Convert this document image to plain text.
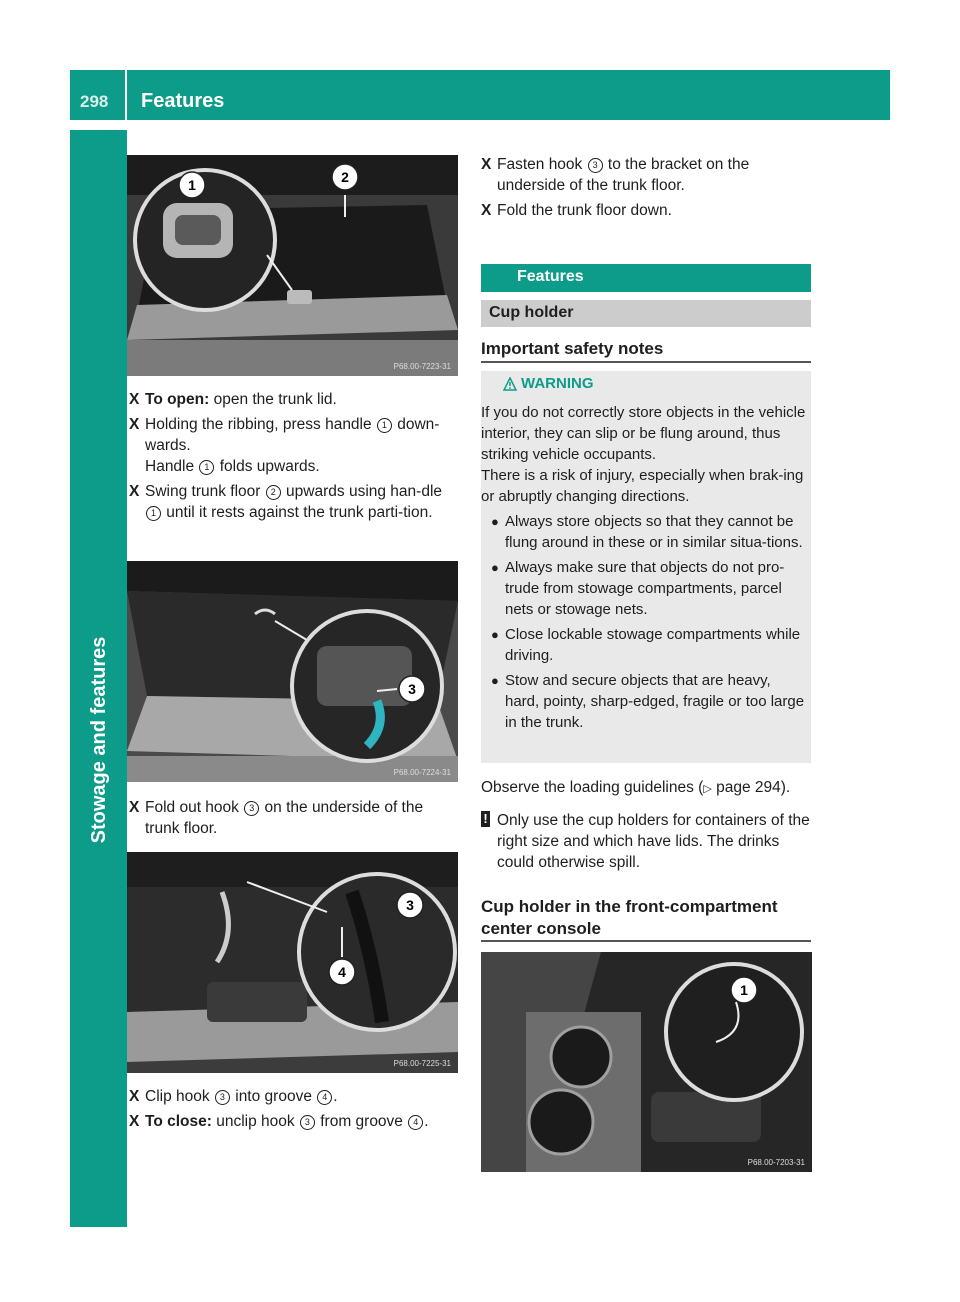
298 Features
Stowage and features
1	2
P68.00-7223-31
X To open: open the trunk lid.
X Holding the ribbing, press handle 1 down-wards.
Handle 1 folds upwards.
X Swing trunk floor 2 upwards using han-dle 1 until it rests against the trunk parti-tion.
3
P68.00-7224-31
X Fold out hook 3 on the underside of the trunk floor.
3
4
P68.00-7225-31
X Clip hook 3 into groove 4 .
X To close: unclip hook 3 from groove 4 .
X Fasten hook 3 to the bracket on the underside of the trunk floor.
X Fold the trunk floor down.
Features
Cup holder
Important safety notes
WARNING

If you do not correctly store objects in the vehicle interior, they can slip or be flung around, thus striking vehicle occupants.

There is a risk of injury, especially when brak-ing or abruptly changing directions.

● Always store objects so that they cannot be flung around in these or in similar situa-tions.
● Always make sure that objects do not pro-trude from stowage compartments, parcel nets or stowage nets.
● Close lockable stowage compartments while driving.
● Stow and secure objects that are heavy, hard, pointy, sharp-edged, fragile or too large in the trunk.
Observe the loading guidelines (▷ page 294).
! Only use the cup holders for containers of the right size and which have lids. The drinks could otherwise spill.
Cup holder in the front-compartment
center console
1
P68.00-7203-31
